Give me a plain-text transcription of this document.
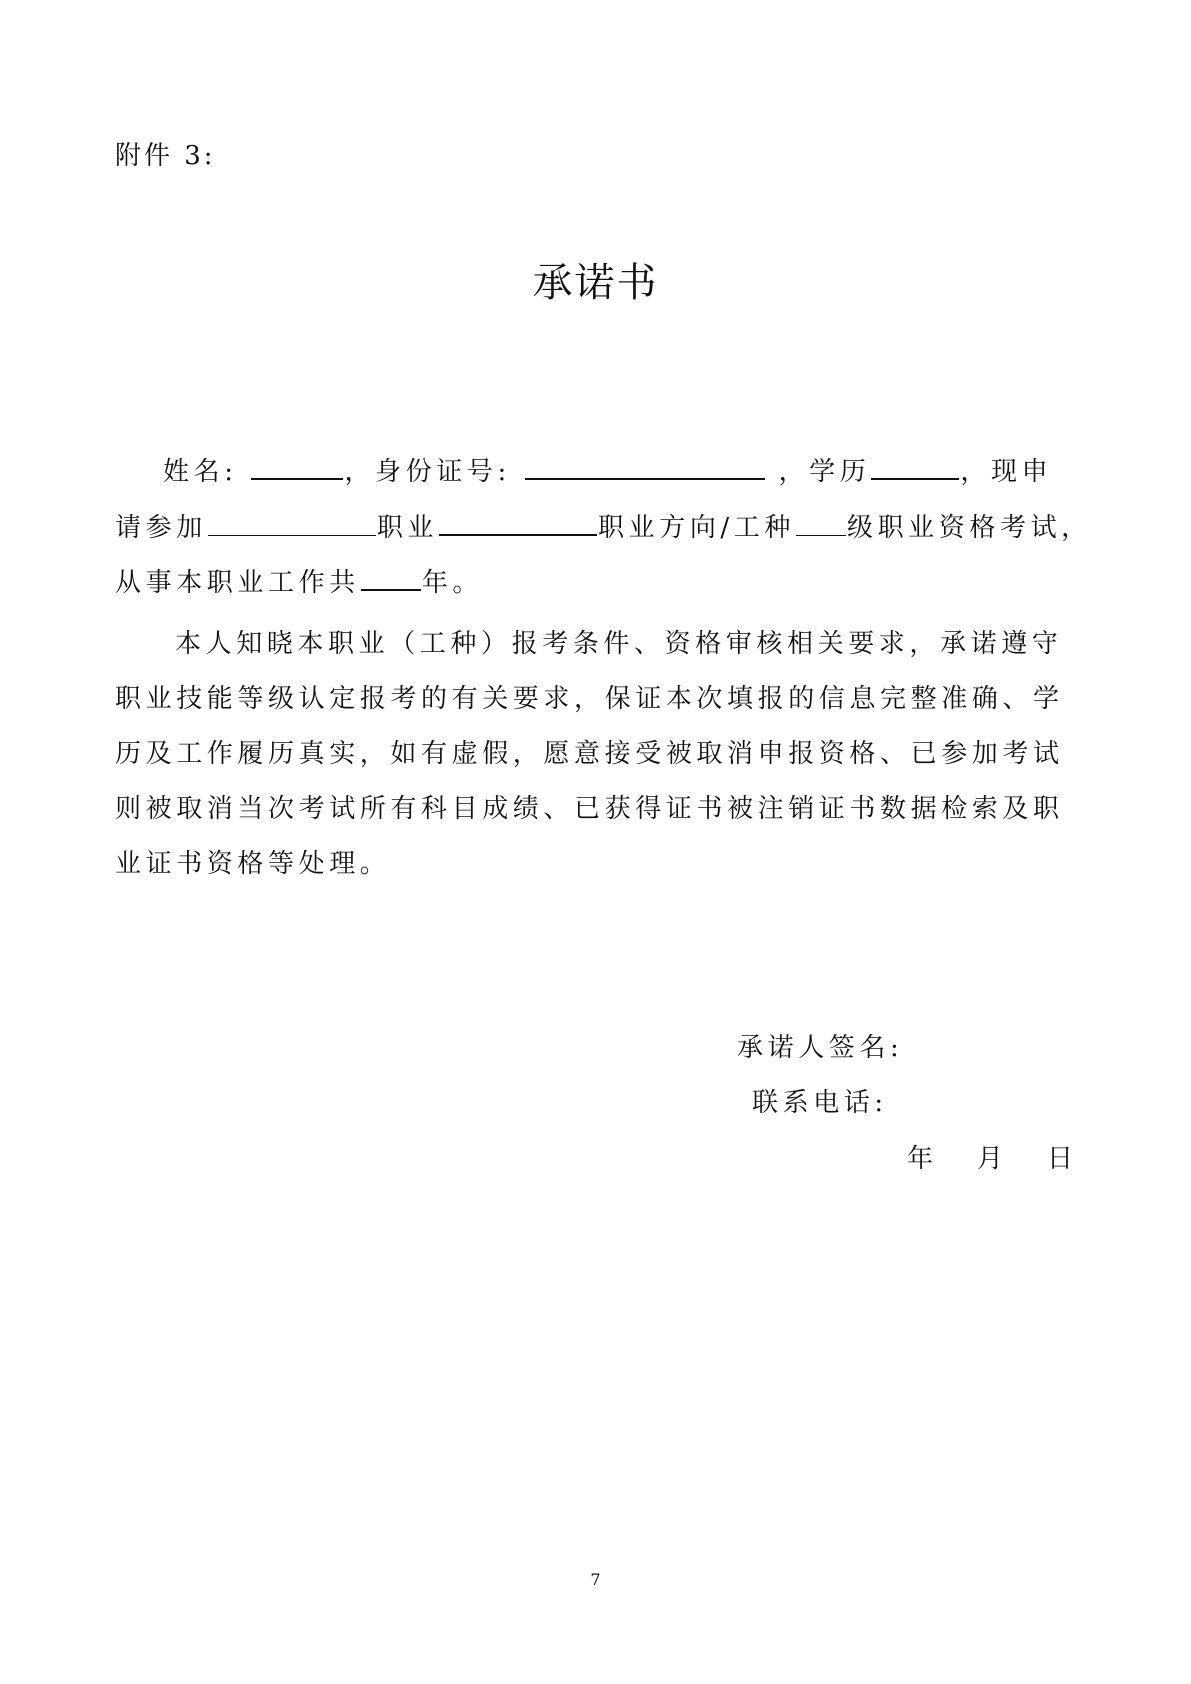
附件 3:
承诺书
姓名:	，身份证号:	，学历	，现申
请参加	职业	职业方向/工种 级职业资格考试，
从事本职业工作共 年。
本人知晓本职业（工种）报考条件、资格审核相关要求，承诺遵守职业技能等级认定报考的有关要求，保证本次填报的信息完整准确、学历及工作履历真实，如有虚假，愿意接受被取消申报资格、已参加考试则被取消当次考试所有科目成绩、已获得证书被注销证书数据检索及职业证书资格等处理。
承诺人签名:
联系电话:
年 月 日
7
